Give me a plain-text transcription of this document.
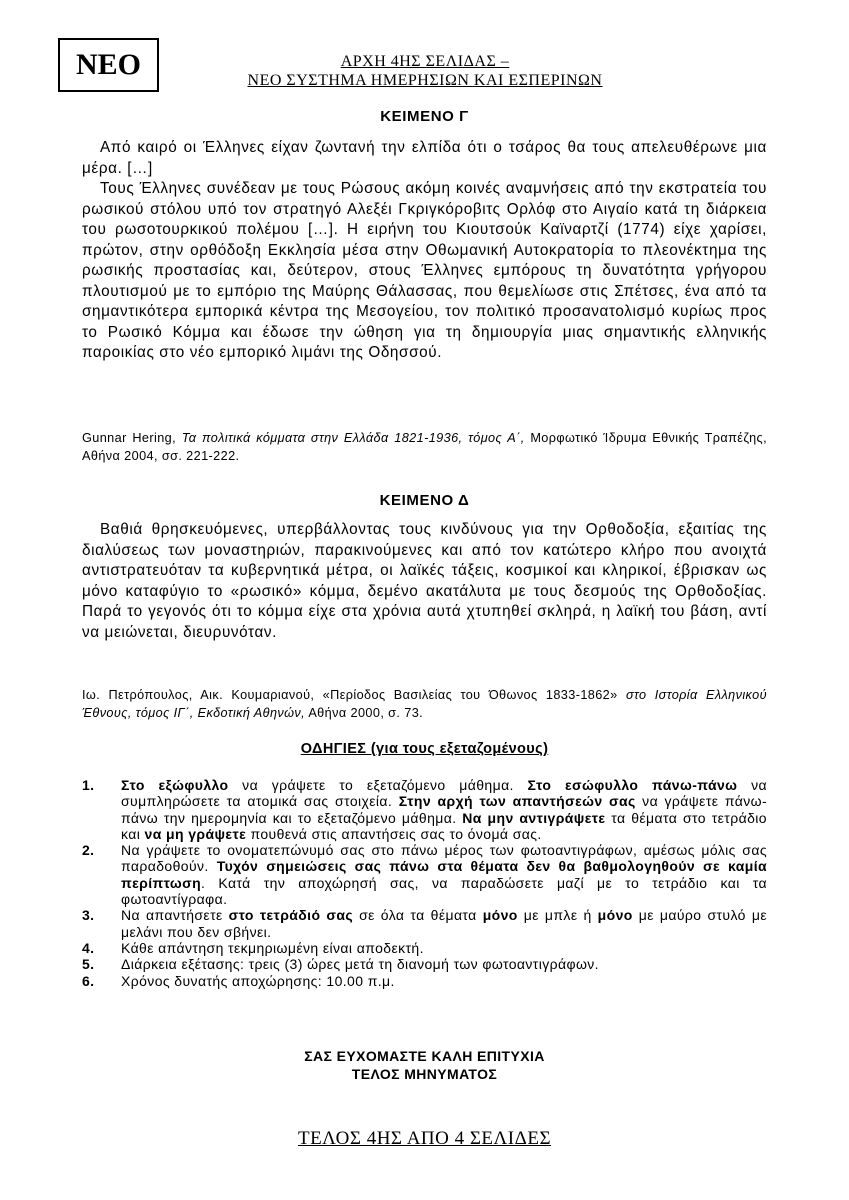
ΝΕΟ	ΑΡΧΗ 4ΗΣ ΣΕΛΙΔΑΣ –
ΝΕΟ ΣΥΣΤΗΜΑ ΗΜΕΡΗΣΙΩΝ ΚΑΙ ΕΣΠΕΡΙΝΩΝ
ΚΕΙΜΕΝΟ Γ

Από καιρό οι Έλληνες είχαν ζωντανή την ελπίδα ότι ο τσάρος θα τους απελευθέρωνε μια μέρα. […]

Τους Έλληνες συνέδεαν με τους Ρώσους ακόμη κοινές αναμνήσεις από την εκστρατεία του ρωσικού στόλου υπό τον στρατηγό Αλεξέι Γκριγκόροβιτς Ορλόφ στο Αιγαίο κατά τη διάρκεια του ρωσοτουρκικού πολέμου […]. Η ειρήνη του Κιουτσούκ Καϊναρτζί (1774) είχε χαρίσει, πρώτον, στην ορθόδοξη Εκκλησία μέσα στην Οθωμανική Αυτοκρατορία το πλεονέκτημα της ρωσικής προστασίας και, δεύτερον, στους Έλληνες εμπόρους τη δυνατότητα γρήγορου πλουτισμού με το εμπόριο της Μαύρης Θάλασσας, που θεμελίωσε στις Σπέτσες, ένα από τα σημαντικότερα εμπορικά κέντρα της Μεσογείου, τον πολιτικό προσανατολισμό κυρίως προς το Ρωσικό Κόμμα και έδωσε την ώθηση για τη δημιουργία μιας σημαντικής ελληνικής παροικίας στο νέο εμπορικό λιμάνι της Οδησσού.

Gunnar Hering, Τα πολιτικά κόμματα στην Ελλάδα 1821-1936, τόμος Α΄, Μορφωτικό Ίδρυμα Εθνικής Τραπέζης, Αθήνα 2004, σσ. 221-222.
ΚΕΙΜΕΝΟ Δ

Βαθιά θρησκευόμενες, υπερβάλλοντας τους κινδύνους για την Ορθοδοξία, εξαιτίας της διαλύσεως των μοναστηριών, παρακινούμενες και από τον κατώτερο κλήρο που ανοιχτά αντιστρατευόταν τα κυβερνητικά μέτρα, οι λαϊκές τάξεις, κοσμικοί και κληρικοί, έβρισκαν ως μόνο καταφύγιο το «ρωσικό» κόμμα, δεμένο ακατάλυτα με τους δεσμούς της Ορθοδοξίας. Παρά το γεγονός ότι το κόμμα είχε στα χρόνια αυτά χτυπηθεί σκληρά, η λαϊκή του βάση, αντί να μειώνεται, διευρυνόταν.

Ιω. Πετρόπουλος, Αικ. Κουμαριανού, «Περίοδος Βασιλείας του Όθωνος 1833-1862» στο Ιστορία Ελληνικού Έθνους, τόμος ΙΓ΄, Εκδοτική Αθηνών, Αθήνα 2000, σ. 73.
ΟΔΗΓΙΕΣ (για τους εξεταζομένους)
1. Στο εξώφυλλο να γράψετε το εξεταζόμενο μάθημα. Στο εσώφυλλο πάνω-πάνω να συμπληρώσετε τα ατομικά σας στοιχεία. Στην αρχή των απαντήσεών σας να γράψετε πάνω-πάνω την ημερομηνία και το εξεταζόμενο μάθημα. Να μην αντιγράψετε τα θέματα στο τετράδιο και να μη γράψετε πουθενά στις απαντήσεις σας το όνομά σας.
2. Να γράψετε το ονοματεπώνυμό σας στο πάνω μέρος των φωτοαντιγράφων, αμέσως μόλις σας παραδοθούν. Τυχόν σημειώσεις σας πάνω στα θέματα δεν θα βαθμολογηθούν σε καμία περίπτωση. Κατά την αποχώρησή σας, να παραδώσετε μαζί με το τετράδιο και τα φωτοαντίγραφα.
3. Να απαντήσετε στο τετράδιό σας σε όλα τα θέματα μόνο με μπλε ή μόνο με μαύρο στυλό με μελάνι που δεν σβήνει.
4. Κάθε απάντηση τεκμηριωμένη είναι αποδεκτή.
5. Διάρκεια εξέτασης: τρεις (3) ώρες μετά τη διανομή των φωτοαντιγράφων.
6. Χρόνος δυνατής αποχώρησης: 10.00 π.μ.
ΣΑΣ ΕΥΧΟΜΑΣΤΕ ΚΑΛΗ ΕΠΙΤΥΧΙΑ
ΤΕΛΟΣ ΜΗΝΥΜΑΤΟΣ
ΤΕΛΟΣ 4ΗΣ ΑΠΟ 4 ΣΕΛΙΔΕΣ
